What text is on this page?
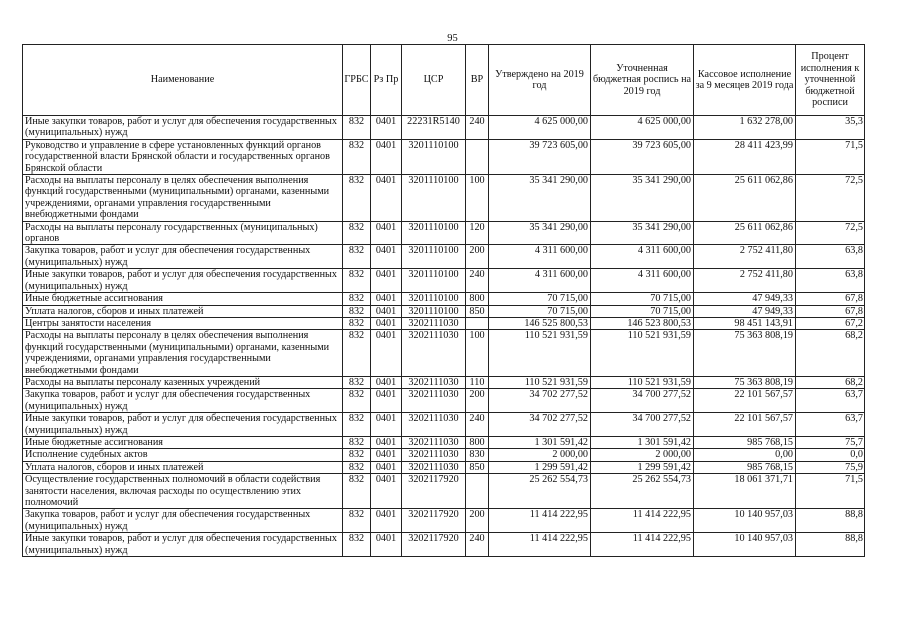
95
Наименование	ГРБС	Рз Пр	ЦСР	ВР	Утверждено на 2019 год	Уточненная бюджетная роспись на 2019 год	Кассовое исполнение за 9 месяцев 2019 года	Процент исполнения к уточненной бюджетной росписи
Иные закупки товаров, работ и услуг для обеспечения государственных (муниципальных) нужд	832	0401	22231R5140	240	4 625 000,00	4 625 000,00	1 632 278,00	35,3
Руководство и управление в сфере установленных функций органов государственной власти Брянской области и государственных органов Брянской области	832	0401	3201110100		39 723 605,00	39 723 605,00	28 411 423,99	71,5
Расходы на выплаты персоналу в целях обеспечения выполнения функций государственными (муниципальными) органами, казенными учреждениями, органами управления государственными внебюджетными фондами	832	0401	3201110100	100	35 341 290,00	35 341 290,00	25 611 062,86	72,5
Расходы на выплаты персоналу государственных (муниципальных) органов	832	0401	3201110100	120	35 341 290,00	35 341 290,00	25 611 062,86	72,5
Закупка товаров, работ и услуг для обеспечения государственных (муниципальных) нужд	832	0401	3201110100	200	4 311 600,00	4 311 600,00	2 752 411,80	63,8
Иные закупки товаров, работ и услуг для обеспечения государственных (муниципальных) нужд	832	0401	3201110100	240	4 311 600,00	4 311 600,00	2 752 411,80	63,8
Иные бюджетные ассигнования	832	0401	3201110100	800	70 715,00	70 715,00	47 949,33	67,8
Уплата налогов, сборов и иных платежей	832	0401	3201110100	850	70 715,00	70 715,00	47 949,33	67,8
Центры занятости населения	832	0401	3202111030		146 525 800,53	146 523 800,53	98 451 143,91	67,2
Расходы на выплаты персоналу в целях обеспечения выполнения функций государственными (муниципальными) органами, казенными учреждениями, органами управления государственными внебюджетными фондами	832	0401	3202111030	100	110 521 931,59	110 521 931,59	75 363 808,19	68,2
Расходы на выплаты персоналу казенных учреждений	832	0401	3202111030	110	110 521 931,59	110 521 931,59	75 363 808,19	68,2
Закупка товаров, работ и услуг для обеспечения государственных (муниципальных) нужд	832	0401	3202111030	200	34 702 277,52	34 700 277,52	22 101 567,57	63,7
Иные закупки товаров, работ и услуг для обеспечения государственных (муниципальных) нужд	832	0401	3202111030	240	34 702 277,52	34 700 277,52	22 101 567,57	63,7
Иные бюджетные ассигнования	832	0401	3202111030	800	1 301 591,42	1 301 591,42	985 768,15	75,7
Исполнение судебных актов	832	0401	3202111030	830	2 000,00	2 000,00	0,00	0,0
Уплата налогов, сборов и иных платежей	832	0401	3202111030	850	1 299 591,42	1 299 591,42	985 768,15	75,9
Осуществление государственных полномочий в области содействия занятости населения, включая расходы по осуществлению этих полномочий	832	0401	3202117920		25 262 554,73	25 262 554,73	18 061 371,71	71,5
Закупка товаров, работ и услуг для обеспечения государственных (муниципальных) нужд	832	0401	3202117920	200	11 414 222,95	11 414 222,95	10 140 957,03	88,8
Иные закупки товаров, работ и услуг для обеспечения государственных (муниципальных) нужд	832	0401	3202117920	240	11 414 222,95	11 414 222,95	10 140 957,03	88,8
